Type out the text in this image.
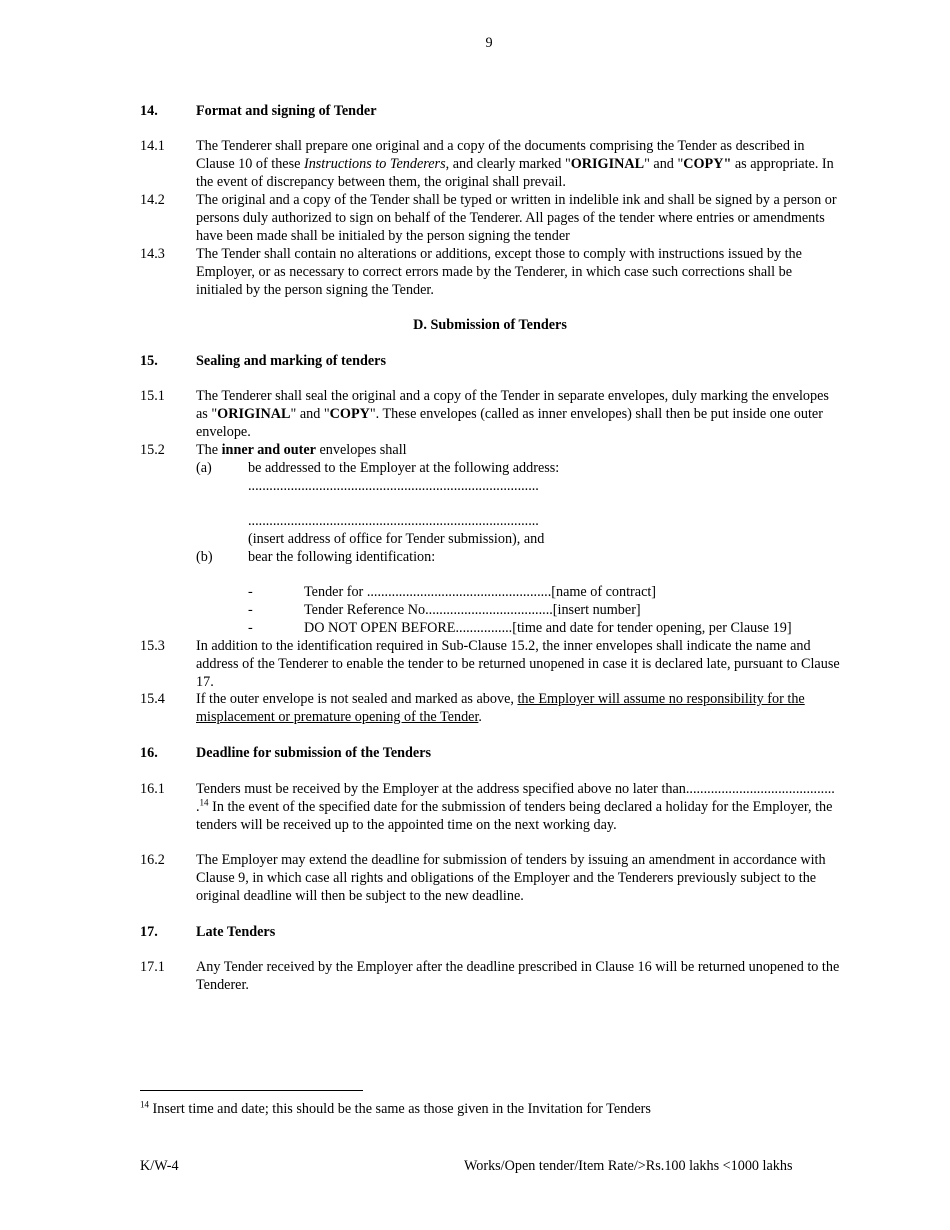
9
14.	Format and signing of Tender
14.1 The Tenderer shall prepare one original and a copy of the documents comprising the Tender as described in Clause 10 of these Instructions to Tenderers, and clearly marked "ORIGINAL" and "COPY" as appropriate. In the event of discrepancy between them, the original shall prevail.
14.2 The original and a copy of the Tender shall be typed or written in indelible ink and shall be signed by a person or persons duly authorized to sign on behalf of the Tenderer. All pages of the tender where entries or amendments have been made shall be initialed by the person signing the tender
14.3 The Tender shall contain no alterations or additions, except those to comply with instructions issued by the Employer, or as necessary to correct errors made by the Tenderer, in which case such corrections shall be initialed by the person signing the Tender.
D. Submission of Tenders
15.	Sealing and marking of tenders
15.1 The Tenderer shall seal the original and a copy of the Tender in separate envelopes, duly marking the envelopes as "ORIGINAL" and "COPY". These envelopes (called as inner envelopes) shall then be put inside one outer envelope.
15.2 The inner and outer envelopes shall
(a)	be addressed to the Employer at the following address:
..................................................................................
..................................................................................
(insert address of office for Tender submission), and
(b) bear the following identification:
-	Tender for ....................................................[name of contract]
-	Tender Reference No....................................[insert number]
-	DO NOT OPEN BEFORE................[time and date for tender opening, per Clause 19]
15.3 In addition to the identification required in Sub-Clause 15.2, the inner envelopes shall indicate the name and address of the Tenderer to enable the tender to be returned unopened in case it is declared late, pursuant to Clause 17.
15.4 If the outer envelope is not sealed and marked as above, the Employer will assume no responsibility for the misplacement or premature opening of the Tender.
16.	Deadline for submission of the Tenders
16.1 Tenders must be received by the Employer at the address specified above no later than.......................................... .$^{14}$ In the event of the specified date for the submission of tenders being declared a holiday for the Employer, the tenders will be received up to the appointed time on the next working day.
16.2 The Employer may extend the deadline for submission of tenders by issuing an amendment in accordance with Clause 9, in which case all rights and obligations of the Employer and the Tenderers previously subject to the original deadline will then be subject to the new deadline.
17.	Late Tenders
17.1 Any Tender received by the Employer after the deadline prescribed in Clause 16 will be returned unopened to the Tenderer.
$^{14}$ Insert time and date; this should be the same as those given in the Invitation for Tenders
K/W-4	Works/Open tender/Item Rate/>Rs.100 lakhs <1000 lakhs
